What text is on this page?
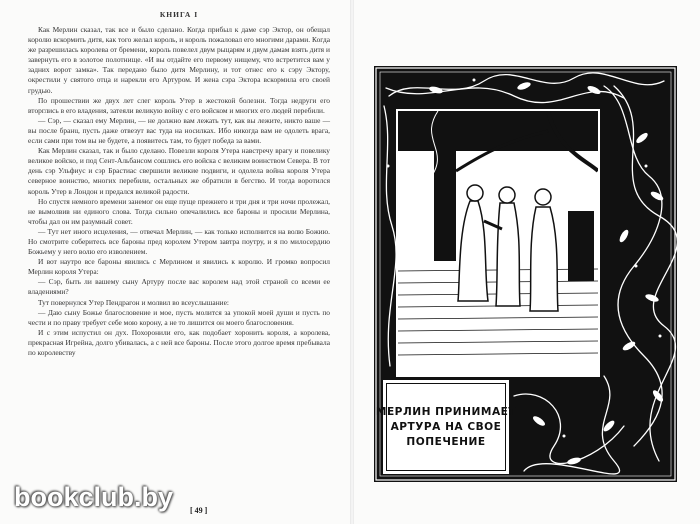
КНИГА I

Как Мерлин сказал, так все и было сделано. Когда прибыл к даме сэр Эктор, он обещал королю вскормить дитя, как того желал король, и король пожаловал его многими дарами. Когда же разрешилась королева от бремени, король повелел двум рыцарям и двум дамам взять дитя и завернуть его в золотое полотнище. «И вы отдайте его первому нищему, что встретится вам у задних ворот замка». Так передано было дитя Мерлину, и тот отнес его к сэру Эктору, окрестили у святого отца и нарекли его Артуром. И жена сэра Эктора вскормила его своей грудью.

По прошествии же двух лет слег король Утер в жестокой болезни. Тогда недруги его вторглись в его владения, затеяли великую войну с его войском и многих его людей перебили.

— Сэр, — сказал ему Мерлин, — не должно вам лежать тут, как вы лежите, никто ваше — вы после бранu, пусть даже отвезут вас туда на носилках. Ибо никогда вам не одолеть врага, если сами при том вы не будете, а появитесь там, то будет победа за вами.

Как Мерлин сказал, так и было сделано. Повезли короля Утера навстречу врагу и повелику великое войско, и под Сент-Альбансом сошлись его войска с великим воинством Севера. В тот день сэр Ульфиус и сэр Брастиас свершили великие подвиги, и одолела война короля Утера северное воинство, многих перебили, остальных же обратили в бегство. И тогда воротился король Утер в Лондон и предался великой радости.

Но спустя немного времени занемог он еще пуще прежнего и три дня и три ночи пролежал, не вымолвив ни единого слова. Тогда сильно опечалились все бароны и просили Мерлина, чтобы дал он им разумный совет.

— Тут нет иного исцеления, — отвечал Мерлин, — как только исполнится на волю Божию. Но смотрите соберитесь все бароны пред королем Утером завтра поутру, и я по милосердию Божьему у него волю его изволением.

И вот наутро все бароны явились с Мерлином и явились к королю. И громко вопросил Мерлин короля Утера:

— Сэр, быть ли вашему сыну Артуру после вас королем над этой страной со всеми ее владениями?

Тут повернулся Утер Пендрагон и молвил во всеуслышание:

— Даю сыну Божье благословение и мое, пусть молится за упокой моей души и пусть по чести и по праву требует себе мою корону, а не то лишится он моего благословения.

И с этим испустил он дух. Похоронили его, как подобает хоронить короля, а королева, прекрасная Игрейна, долго убивалась, а с ней все бароны. После этого долгое время пребывала по королевству

[ 49 ]
bookclub.by
МЕРЛИН ПРИНИМАЕТ
АРТУРА НА СВОЕ
ПОПЕЧЕНИЕ
